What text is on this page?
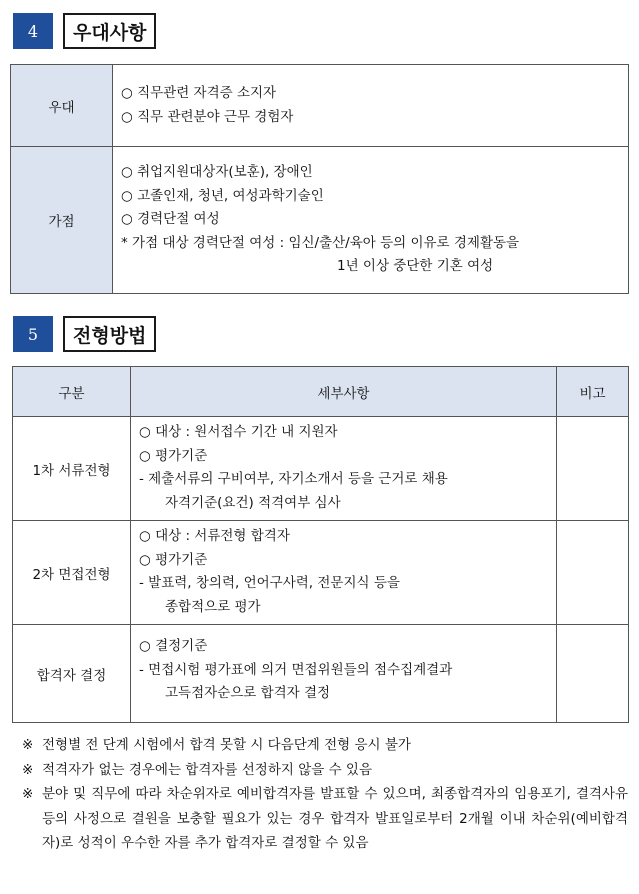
4	우대사항
우대	○ 직무관련 자격증 소지자
○ 직무 관련분야 근무 경험자

가점	○ 취업지원대상자(보훈), 장애인
○ 고졸인재, 청년, 여성과학기술인
○ 경력단절 여성
* 가점 대상 경력단절 여성 : 임신/출산/육아 등의 이유로 경제활동을
1년 이상 중단한 기혼 여성
5	전형방법
구분	세부사항	비고
1차 서류전형	○ 대상 : 원서접수 기간 내 지원자
○ 평가기준
- 제출서류의 구비여부, 자기소개서 등을 근거로 채용
자격기준(요건) 적격여부 심사	

2차 면접전형	○ 대상 : 서류전형 합격자
○ 평가기준
- 발표력, 창의력, 언어구사력, 전문지식 등을
종합적으로 평가	

합격자 결정	○ 결정기준
- 면접시험 평가표에 의거 면접위원들의 점수집계결과
고득점자순으로 합격자 결정	

※ 전형별 전 단계 시험에서 합격 못할 시 다음단계 전형 응시 불가
※ 적격자가 없는 경우에는 합격자를 선정하지 않을 수 있음
※ 분야 및 직무에 따라 차순위자로 예비합격자를 발표할 수 있으며, 최종합격자의 임용포기, 결격사유 등의 사정으로 결원을 보충할 필요가 있는 경우 합격자 발표일로부터 2개월 이내 차순위(예비합격자)로 성적이 우수한 자를 추가 합격자로 결정할 수 있음
